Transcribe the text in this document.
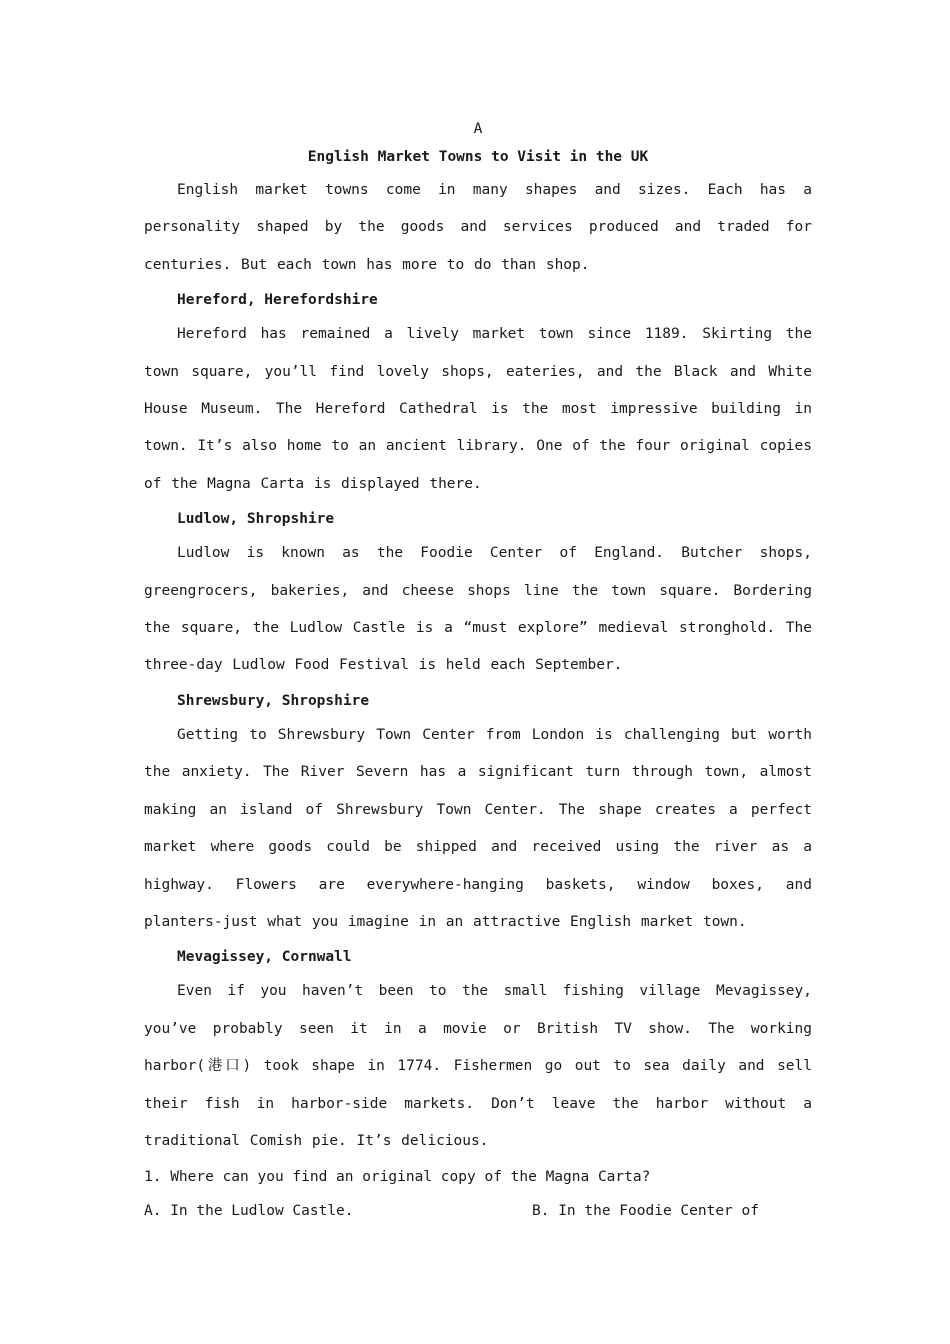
A

English Market Towns to Visit in the UK

English market towns come in many shapes and sizes. Each has a personality shaped by the goods and services produced and traded for centuries. But each town has more to do than shop.

Hereford, Herefordshire

Hereford has remained a lively market town since 1189. Skirting the town square, you’ll find lovely shops, eateries, and the Black and White House Museum. The Hereford Cathedral is the most impressive building in town. It’s also home to an ancient library. One of the four original copies of the Magna Carta is displayed there.

Ludlow, Shropshire

Ludlow is known as the Foodie Center of England. Butcher shops, greengrocers, bakeries, and cheese shops line the town square. Bordering the square, the Ludlow Castle is a “must explore” medieval stronghold. The three-day Ludlow Food Festival is held each September.

Shrewsbury, Shropshire

Getting to Shrewsbury Town Center from London is challenging but worth the anxiety. The River Severn has a significant turn through town, almost making an island of Shrewsbury Town Center. The shape creates a perfect market where goods could be shipped and received using the river as a highway. Flowers are everywhere-hanging baskets, window boxes, and planters-just what you imagine in an attractive English market town.

Mevagissey, Cornwall

Even if you haven’t been to the small fishing village Mevagissey, you’ve probably seen it in a movie or British TV show. The working harbor(港口) took shape in 1774. Fishermen go out to sea daily and sell their fish in harbor-side markets. Don’t leave the harbor without a traditional Comish pie. It’s delicious.

1. Where can you find an original copy of the Magna Carta?

A. In the Ludlow Castle.	B. In the Foodie Center of
